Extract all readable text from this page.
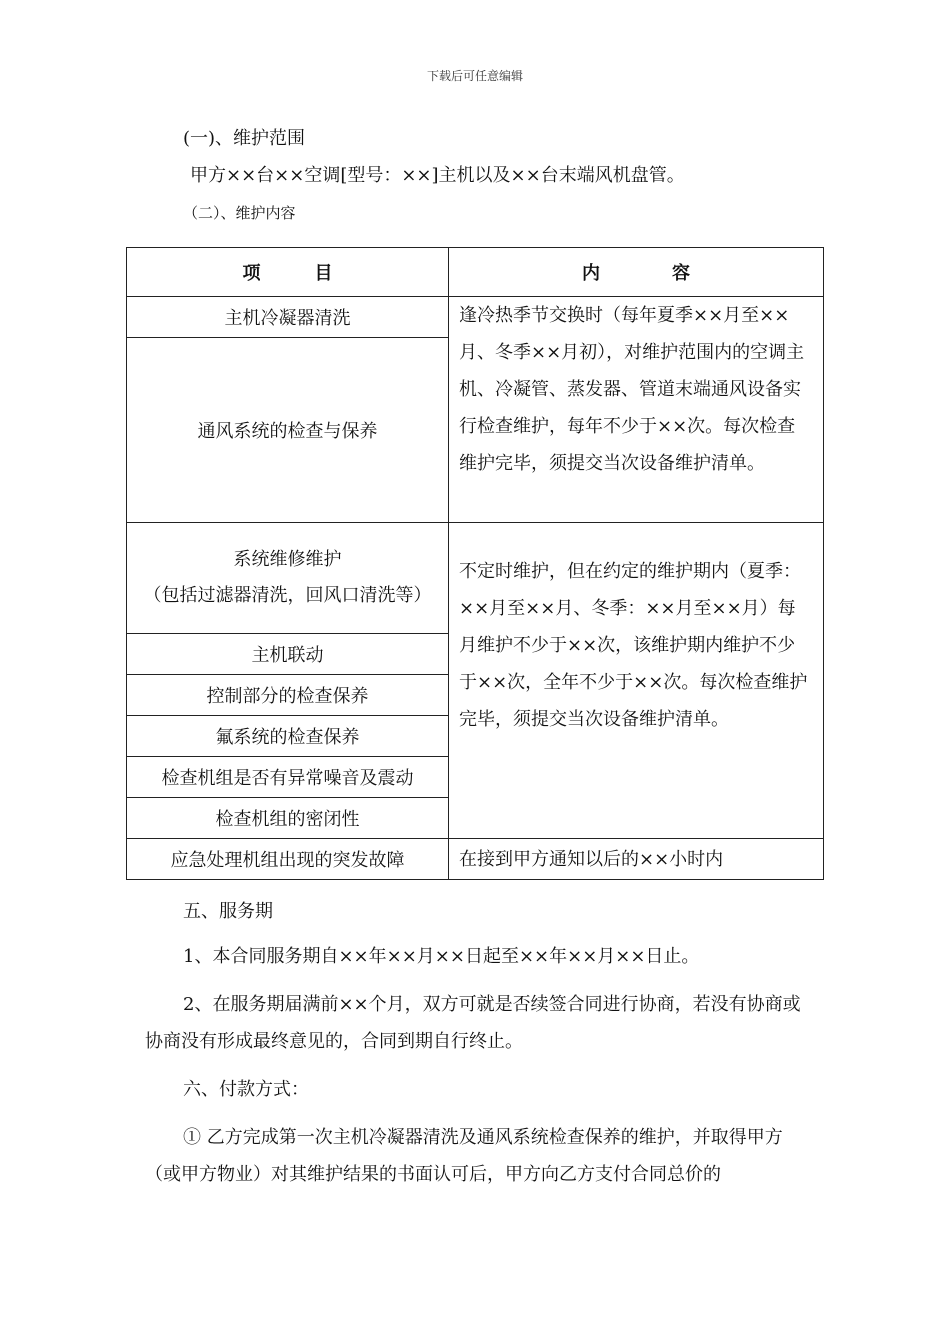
下载后可任意编辑
(一)、维护范围
甲方××台××空调[型号：××]主机以及××台末端风机盘管。
（二）、维护内容
项　　　目	内　　　　容
主机冷凝器清洗	逢冷热季节交换时（每年夏季××月至××月、冬季××月初），对维护范围内的空调主机、冷凝管、蒸发器、管道末端通风设备实行检查维护，每年不少于××次。每次检查维护完毕，须提交当次设备维护清单。
通风系统的检查与保养	

系统维修维护
（包括过滤器清洗，回风口清洗等）	不定时维护，但在约定的维护期内（夏季：××月至××月、冬季：××月至××月）每月维护不少于××次，该维护期内维护不少于××次，全年不少于××次。每次检查维护完毕，须提交当次设备维护清单。
主机联动	
控制部分的检查保养	
氟系统的检查保养	
检查机组是否有异常噪音及震动	
检查机组的密闭性	
应急处理机组出现的突发故障	在接到甲方通知以后的××小时内
五、服务期
1、本合同服务期自××年××月××日起至××年××月××日止。
2、在服务期届满前××个月，双方可就是否续签合同进行协商，若没有协商或协商没有形成最终意见的，合同到期自行终止。
六、付款方式：
① 乙方完成第一次主机冷凝器清洗及通风系统检查保养的维护，并取得甲方（或甲方物业）对其维护结果的书面认可后，甲方向乙方支付合同总价的
